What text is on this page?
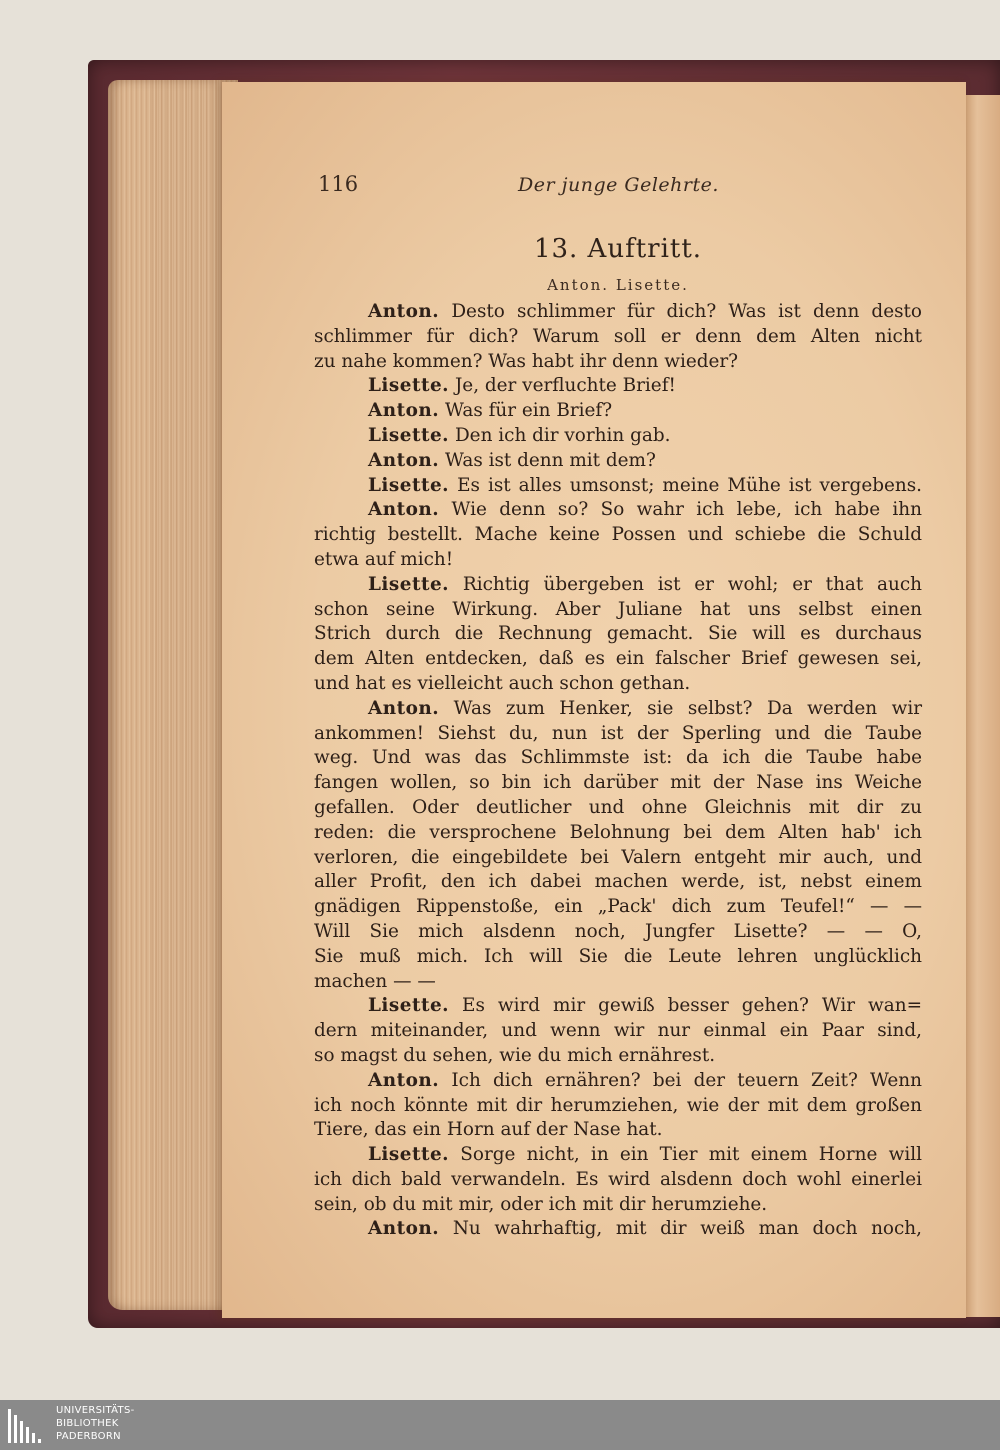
116	Der junge Gelehrte.
13. Auftritt.
Anton. Lisette.
Anton. Desto schlimmer für dich? Was ist denn desto
schlimmer für dich? Warum soll er denn dem Alten nicht
zu nahe kommen? Was habt ihr denn wieder?
Lisette. Je, der verfluchte Brief!
Anton. Was für ein Brief?
Lisette. Den ich dir vorhin gab.
Anton. Was ist denn mit dem?
Lisette. Es ist alles umsonst; meine Mühe ist vergebens.
Anton. Wie denn so? So wahr ich lebe, ich habe ihn
richtig bestellt. Mache keine Possen und schiebe die Schuld
etwa auf mich!
Lisette. Richtig übergeben ist er wohl; er that auch
schon seine Wirkung. Aber Juliane hat uns selbst einen
Strich durch die Rechnung gemacht. Sie will es durchaus
dem Alten entdecken, daß es ein falscher Brief gewesen sei,
und hat es vielleicht auch schon gethan.
Anton. Was zum Henker, sie selbst? Da werden wir
ankommen! Siehst du, nun ist der Sperling und die Taube
weg. Und was das Schlimmste ist: da ich die Taube habe
fangen wollen, so bin ich darüber mit der Nase ins Weiche
gefallen. Oder deutlicher und ohne Gleichnis mit dir zu
reden: die versprochene Belohnung bei dem Alten hab' ich
verloren, die eingebildete bei Valern entgeht mir auch, und
aller Profit, den ich dabei machen werde, ist, nebst einem
gnädigen Rippenstoße, ein „Pack' dich zum Teufel!“ — —
Will Sie mich alsdenn noch, Jungfer Lisette? — — O,
Sie muß mich. Ich will Sie die Leute lehren unglücklich
machen — —
Lisette. Es wird mir gewiß besser gehen? Wir wan=
dern miteinander, und wenn wir nur einmal ein Paar sind,
so magst du sehen, wie du mich ernährest.
Anton. Ich dich ernähren? bei der teuern Zeit? Wenn
ich noch könnte mit dir herumziehen, wie der mit dem großen
Tiere, das ein Horn auf der Nase hat.
Lisette. Sorge nicht, in ein Tier mit einem Horne will
ich dich bald verwandeln. Es wird alsdenn doch wohl einerlei
sein, ob du mit mir, oder ich mit dir herumziehe.
Anton. Nu wahrhaftig, mit dir weiß man doch noch,
UNIVERSITÄTS-
BIBLIOTHEK
PADERBORN
